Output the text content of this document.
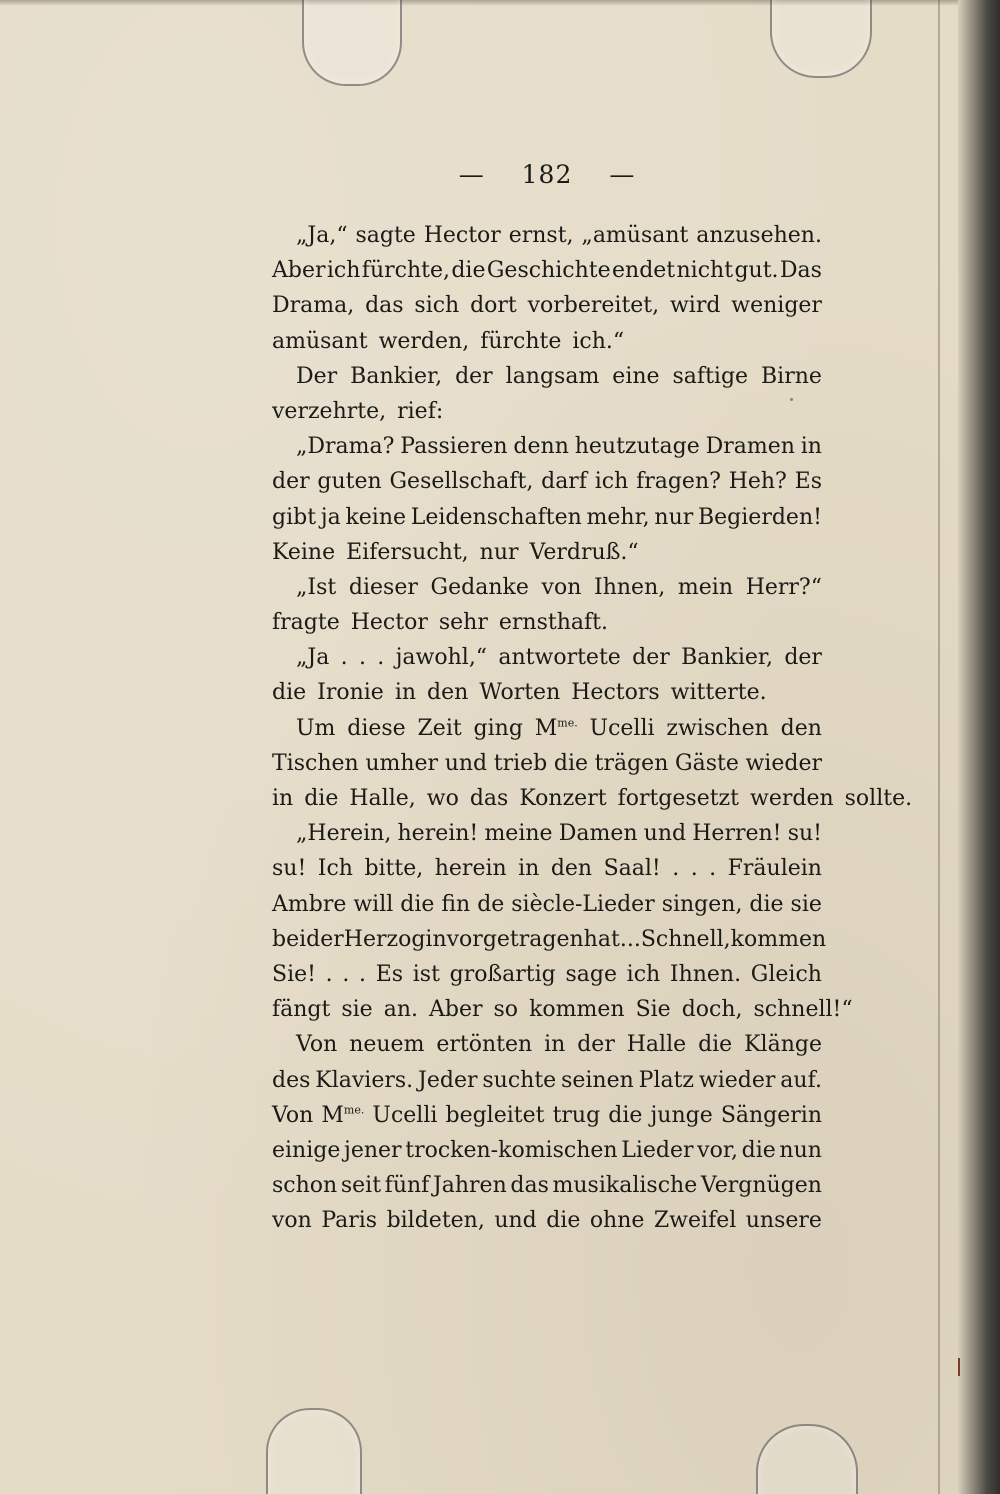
— 182 —
„Ja,“ sagte Hector ernst, „amüsant anzusehen.
Aber ich fürchte, die Geschichte endet nicht gut. Das
Drama, das sich dort vorbereitet, wird weniger
amüsant werden, fürchte ich.“
Der Bankier, der langsam eine saftige Birne
verzehrte, rief:
„Drama? Passieren denn heutzutage Dramen in
der guten Gesellschaft, darf ich fragen? Heh? Es
gibt ja keine Leidenschaften mehr, nur Begierden!
Keine Eifersucht, nur Verdruß.“
„Ist dieser Gedanke von Ihnen, mein Herr?“
fragte Hector sehr ernsthaft.
„Ja . . . jawohl,“ antwortete der Bankier, der
die Ironie in den Worten Hectors witterte.
Um diese Zeit ging $M^{me.}$ Ucelli zwischen den
Tischen umher und trieb die trägen Gäste wieder
in die Halle, wo das Konzert fortgesetzt werden sollte.
„Herein, herein! meine Damen und Herren! su!
su! Ich bitte, herein in den Saal! . . . Fräulein
Ambre will die fin de siècle-Lieder singen, die sie
bei der Herzogin vorgetragen hat . . . Schnell, kommen
Sie! . . . Es ist großartig sage ich Ihnen. Gleich
fängt sie an. Aber so kommen Sie doch, schnell!“
Von neuem ertönten in der Halle die Klänge
des Klaviers. Jeder suchte seinen Platz wieder auf.
Von $M^{me.}$ Ucelli begleitet trug die junge Sängerin
einige jener trocken-komischen Lieder vor, die nun
schon seit fünf Jahren das musikalische Vergnügen
von Paris bildeten, und die ohne Zweifel unsere
